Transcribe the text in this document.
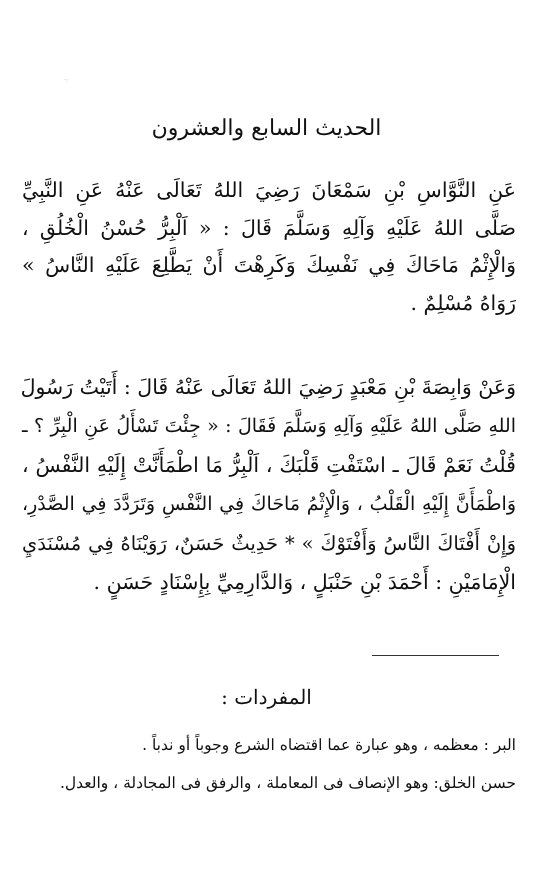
·:
الحديث السابع والعشرون
عَنِ النَّوَّاسِ بْنِ سَمْعَانَ رَضِيَ اللهُ تَعَالَى عَنْهُ عَنِ النَّبِيِّ
صَلَّى اللهُ عَلَيْهِ وَآلِهِ وَسَلَّمَ قَالَ : « اَلْبِرُّ حُسْنُ الْخُلُقِ ،
وَالْإِثْمُ مَاحَاكَ فِي نَفْسِكَ وَكَرِهْتَ أَنْ يَطَّلِعَ عَلَيْهِ النَّاسُ »
رَوَاهُ مُسْلِمٌ .
وَعَنْ وَابِصَةَ بْنِ مَعْبَدٍ رَضِيَ اللهُ تَعَالَى عَنْهُ قَالَ : أَتَيْتُ رَسُولَ
اللهِ صَلَّى اللهُ عَلَيْهِ وَآلِهِ وَسَلَّمَ فَقَالَ : « جِئْتَ تَسْأَلُ عَنِ الْبِرِّ ؟ ـ
قُلْتُ نَعَمْ قَالَ ـ اسْتَفْتِ قَلْبَكَ ، اَلْبِرُّ مَا اطْمَأَنَّتْ إِلَيْهِ النَّفْسُ ،
وَاطْمَأَنَّ إِلَيْهِ الْقَلْبُ ، وَالْإِثْمُ مَاحَاكَ فِي النَّفْسِ وَتَرَدَّدَ فِي الصَّدْرِ،
وَإِنْ أَفْتَاكَ النَّاسُ وَأَفْتَوْكَ » * حَدِيثٌ حَسَنٌ، رَوَيْنَاهُ فِي مُسْنَدَيِ
الْإِمَامَيْنِ : أَحْمَدَ بْنِ حَنْبَلٍ ، وَالدَّارِمِيِّ بِإِسْنَادٍ حَسَنٍ .
المفردات :
البر : معظمه ، وهو عبارة عما اقتضاه الشرع وجوباً أو ندباً .
حسن الخلق: وهو الإنصاف فى المعاملة ، والرفق فى المجادلة ، والعدل.
